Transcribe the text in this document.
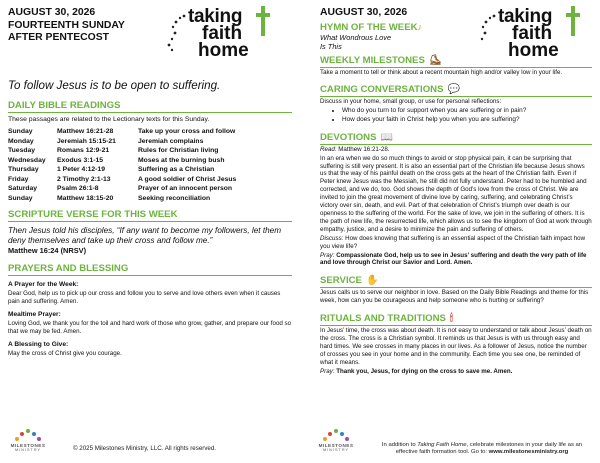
AUGUST 30, 2026
FOURTEENTH SUNDAY
AFTER PENTECOST
taking
faith
home
To follow Jesus is to be open to suffering.
DAILY BIBLE READINGS
These passages are related to the Lectionary texts for this Sunday.
Sunday	Matthew 16:21-28	Take up your cross and follow
Monday	Jeremiah 15:15-21	Jeremiah complains
Tuesday	Romans 12:9-21	Rules for Christian living
Wednesday	Exodus 3:1-15	Moses at the burning bush
Thursday	1 Peter 4:12-19	Suffering as a Christian
Friday	2 Timothy 2:1-13	A good soldier of Christ Jesus
Saturday	Psalm 26:1-8	Prayer of an innocent person
Sunday	Matthew 18:15-20	Seeking reconciliation
SCRIPTURE VERSE FOR THIS WEEK
Then Jesus told his disciples, “If any want to become my followers, let them deny themselves and take up their cross and follow me.”
Matthew 16:24 (NRSV)
PRAYERS AND BLESSING
A Prayer for the Week:
Dear God, help us to pick up our cross and follow you to serve and love others even when it causes pain and suffering. Amen.
Mealtime Prayer:
Loving God, we thank you for the toil and hard work of those who grow, gather, and prepare our food so that we may be fed. Amen.
A Blessing to Give:
May the cross of Christ give you courage.
MILESTONES
MINISTRY	© 2025 Milestones Ministry, LLC. All rights reserved.
AUGUST 30, 2026
HYMN OF THE WEEK ♪
What Wondrous Love
Is This
taking
faith
home
WEEKLY MILESTONES ⛸
Take a moment to tell or think about a recent mountain high and/or valley low in your life.
CARING CONVERSATIONS 💬
Discuss in your home, small group, or use for personal reflections:
• Who do you turn to for support when you are suffering or in pain?
• How does your faith in Christ help you when you are suffering?
DEVOTIONS 📖
Read: Matthew 16:21-28.
In an era when we do so much things to avoid or stop physical pain, it can be surprising that suffering is still very present. It is also an essential part of the Christian life because Jesus shows us that the way of his painful death on the cross gets at the heart of the Christian faith. Even if Peter knew Jesus was the Messiah, he still did not fully understand. Peter had to be humbled and corrected, and we do, too. God shows the depth of God’s love from the cross of Christ. We are invited to join the great movement of divine love by caring, suffering, and celebrating Christ’s victory over sin, death, and evil. Part of that celebration of Christ’s triumph over death is our openness to the suffering of the world. For the sake of love, we join in the suffering of others. It is the path of new life, the resurrected life, which allows us to see the kingdom of God at work through empathy, justice, and a desire to minimize the pain and suffering of others.
Discuss: How does knowing that suffering is an essential aspect of the Christian faith impact how you view life?
Pray: Compassionate God, help us to see in Jesus’ suffering and death the very path of life and love through Christ our Savior and Lord. Amen.
SERVICE ✋
Jesus calls us to serve our neighbor in love. Based on the Daily Bible Readings and theme for this week, how can you be courageous and help someone who is hurting or suffering?
RITUALS AND TRADITIONS 🕯
In Jesus’ time, the cross was about death. It is not easy to understand or talk about Jesus’ death on the cross. The cross is a Christian symbol. It reminds us that Jesus is with us through easy and hard times. We see crosses in many places in our lives. As a follower of Jesus, notice the number of crosses you see in your home and in the community. Each time you see one, be reminded of what it means.
Pray: Thank you, Jesus, for dying on the cross to save me. Amen.
MILESTONES
MINISTRY
In addition to Taking Faith Home, celebrate milestones in your daily life as an effective faith formation tool. Go to: www.milestonesministry.org
